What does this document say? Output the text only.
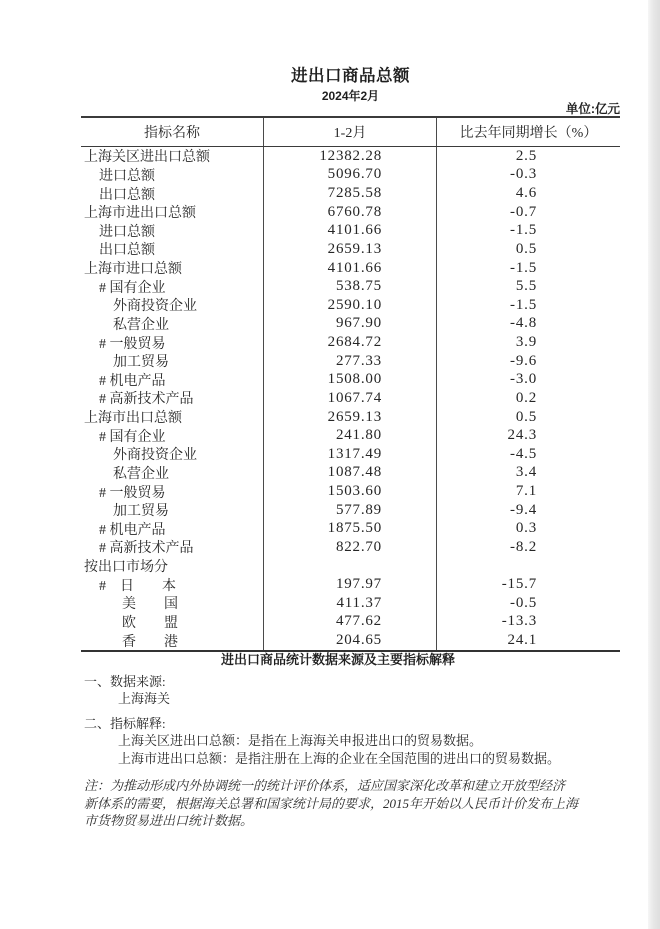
进出口商品总额
2024年2月
单位:亿元
指标名称	1-2月	比去年同期增长（%）
上海关区进出口总额	12382.28	2.5
进口总额	5096.70	-0.3
出口总额	7285.58	4.6
上海市进出口总额	6760.78	-0.7
进口总额	4101.66	-1.5
出口总额	2659.13	0.5
上海市进口总额	4101.66	-1.5
# 国有企业	538.75	5.5
外商投资企业	2590.10	-1.5
私营企业	967.90	-4.8
# 一般贸易	2684.72	3.9
加工贸易	277.33	-9.6
# 机电产品	1508.00	-3.0
# 高新技术产品	1067.74	0.2
上海市出口总额	2659.13	0.5
# 国有企业	241.80	24.3
外商投资企业	1317.49	-4.5
私营企业	1087.48	3.4
# 一般贸易	1503.60	7.1
加工贸易	577.89	-9.4
# 机电产品	1875.50	0.3
# 高新技术产品	822.70	-8.2
按出口市场分
#　日　　本	197.97	-15.7
美　　国	411.37	-0.5
欧　　盟	477.62	-13.3
香　　港	204.65	24.1
进出口商品统计数据来源及主要指标解释
一、数据来源:
上海海关
二、指标解释:
上海关区进出口总额：是指在上海海关申报进出口的贸易数据。
上海市进出口总额：是指注册在上海的企业在全国范围的进出口的贸易数据。
注：为推动形成内外协调统一的统计评价体系，适应国家深化改革和建立开放型经济
新体系的需要，根据海关总署和国家统计局的要求，2015年开始以人民币计价发布上海
市货物贸易进出口统计数据。
